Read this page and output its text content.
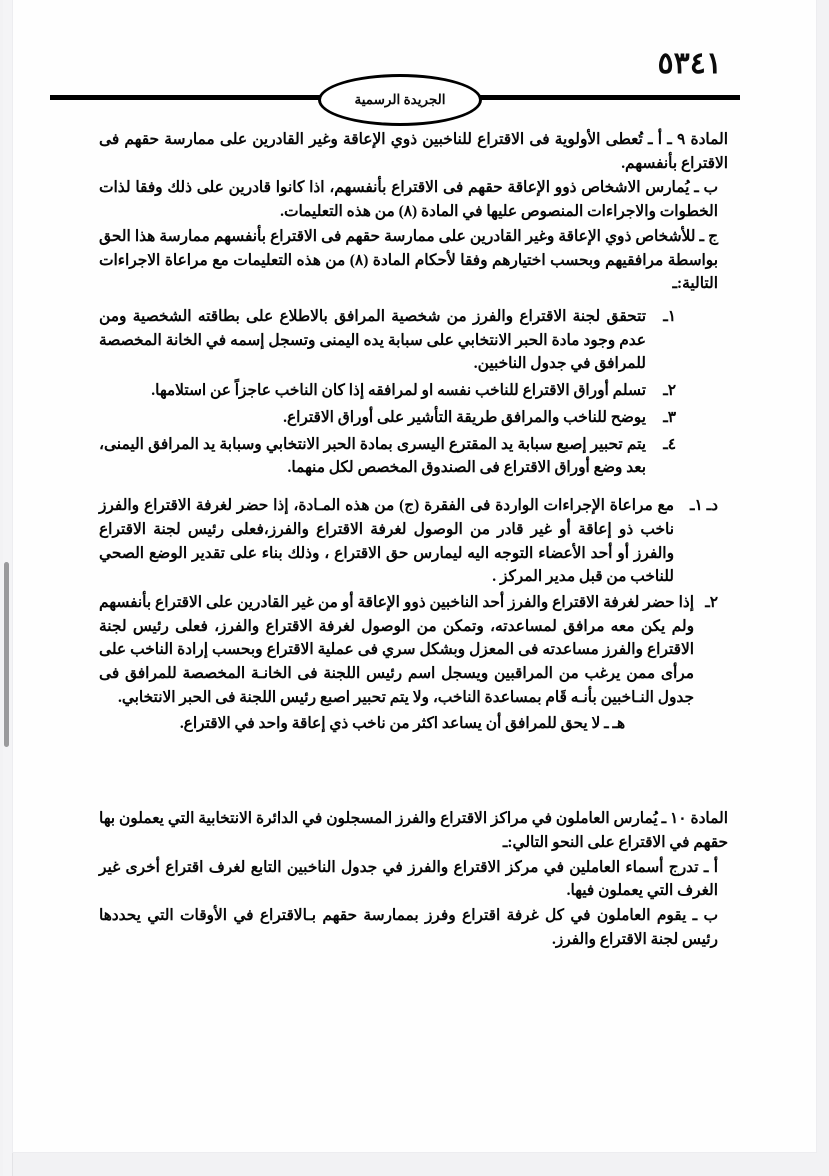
٥٣٤١
الجريدة الرسمية

المادة ٩ ـ أ ـ تُعطى الأولوية فى الاقتراع للناخبين ذوي الإعاقة وغير القادرين على ممارسة حقهم فى الاقتراع بأنفسهم.

ب ـ يُمارس الاشخاص ذوو الإعاقة حقهم فى الاقتراع بأنفسهم، اذا كانوا قادرين على ذلك وفقا لذات الخطوات والاجراءات المنصوص عليها في المادة (٨) من هذه التعليمات.

ج ـ للأشخاص ذوي الإعاقة وغير القادرين على ممارسة حقهم فى الاقتراع بأنفسهم ممارسة هذا الحق بواسطة مرافقيهم وبحسب اختيارهم وفقا لأحكام المادة (٨) من هذه التعليمات مع مراعاة الاجراءات التالية:ـ

١ـ
تتحقق لجنة الاقتراع والفرز من شخصية المرافق بالاطلاع على بطاقته الشخصية ومن عدم وجود مادة الحبر الانتخابي على سبابة يده اليمنى وتسجل إسمه في الخانة المخصصة للمرافق في جدول الناخبين.
٢ـ
تسلم أوراق الاقتراع للناخب نفسه او لمرافقه إذا كان الناخب عاجزاً عن استلامها.
٣ـ
يوضح للناخب والمرافق طريقة التأشير على أوراق الاقتراع.
٤ـ
يتم تحبير إصبع سبابة يد المقترع اليسرى بمادة الحبر الانتخابي وسبابة يد المرافق اليمنى، بعد وضع أوراق الاقتراع فى الصندوق المخصص لكل منهما.

دـ ١ـ
مع مراعاة الإجراءات الواردة فى الفقرة (ج) من هذه المـادة، إذا حضر لغرفة الاقتراع والفرز ناخب ذو إعاقة أو غير قادر من الوصول لغرفة الاقتراع والفرز،فعلى رئيس لجنة الاقتراع والفرز أو أحد الأعضاء التوجه اليه ليمارس حق الاقتراع ، وذلك بناء على تقدير الوضع الصحي للناخب من قبل مدير المركز .

٢ـ
إذا حضر لغرفة الاقتراع والفرز أحد الناخبين ذوو الإعاقة أو من غير القادرين على الاقتراع بأنفسهم ولم يكن معه مرافق لمساعدته، وتمكن من الوصول لغرفة الاقتراع والفرز، فعلى رئيس لجنة الاقتراع والفرز مساعدته فى المعزل وبشكل سري فى عملية الاقتراع وبحسب إرادة الناخب على مرأى ممن يرغب من المراقبين ويسجل اسم رئيس اللجنة فى الخانـة المخصصة للمرافق فى جدول النـاخبين بأنـه قَام بمساعدة الناخب، ولا يتم تحبير اصبع رئيس اللجنة فى الحبر الانتخابي.

هـ ـ لا يحق للمرافق أن يساعد اكثر من ناخب ذي إعاقة واحد في الاقتراع.

المادة ١٠ ـ يُمارس العاملون في مراكز الاقتراع والفرز المسجلون في الدائرة الانتخابية التي يعملون بها حقهم في الاقتراع على النحو التالي:ـ

أ ـ تدرج أسماء العاملين في مركز الاقتراع والفرز في جدول الناخبين التابع لغرف اقتراع أخرى غير الغرف التي يعملون فيها.

ب ـ يقوم العاملون في كل غرفة اقتراع وفرز بممارسة حقهم بـالاقتراع في الأوقات التي يحددها رئيس لجنة الاقتراع والفرز.
